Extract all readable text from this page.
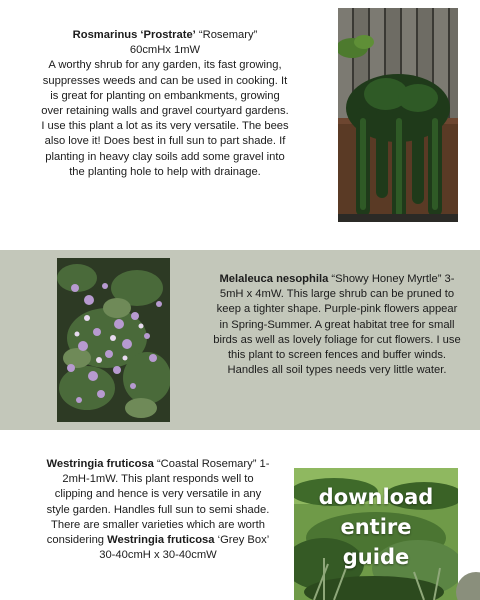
Rosmarinus ‘Prostrate’ “Rosemary”

60cmHx 1mW

A worthy shrub for any garden, its fast growing, suppresses weeds and can be used in cooking. It is great for planting on embankments, growing over retaining walls and gravel courtyard gardens. I use this plant a lot as its very versatile. The bees also love it! Does best in full sun to part shade. If planting in heavy clay soils add some gravel into the planting hole to help with drainage.

Melaleuca nesophila “Showy Honey Myrtle” 3-5mH x 4mW. This large shrub can be pruned to keep a tighter shape. Purple-pink flowers appear in Spring-Summer. A great habitat tree for small birds as well as lovely foliage for cut flowers. I use this plant to screen fences and buffer winds. Handles all soil types needs very little water.

Westringia fruticosa “Coastal Rosemary” 1-2mH-1mW. This plant responds well to clipping and hence is very versatile in any style garden. Handles full sun to semi shade. There are smaller varieties which are worth considering Westringia fruticosa ‘Grey Box’ 30-40cmH x 30-40cmW

download
entire
guide
